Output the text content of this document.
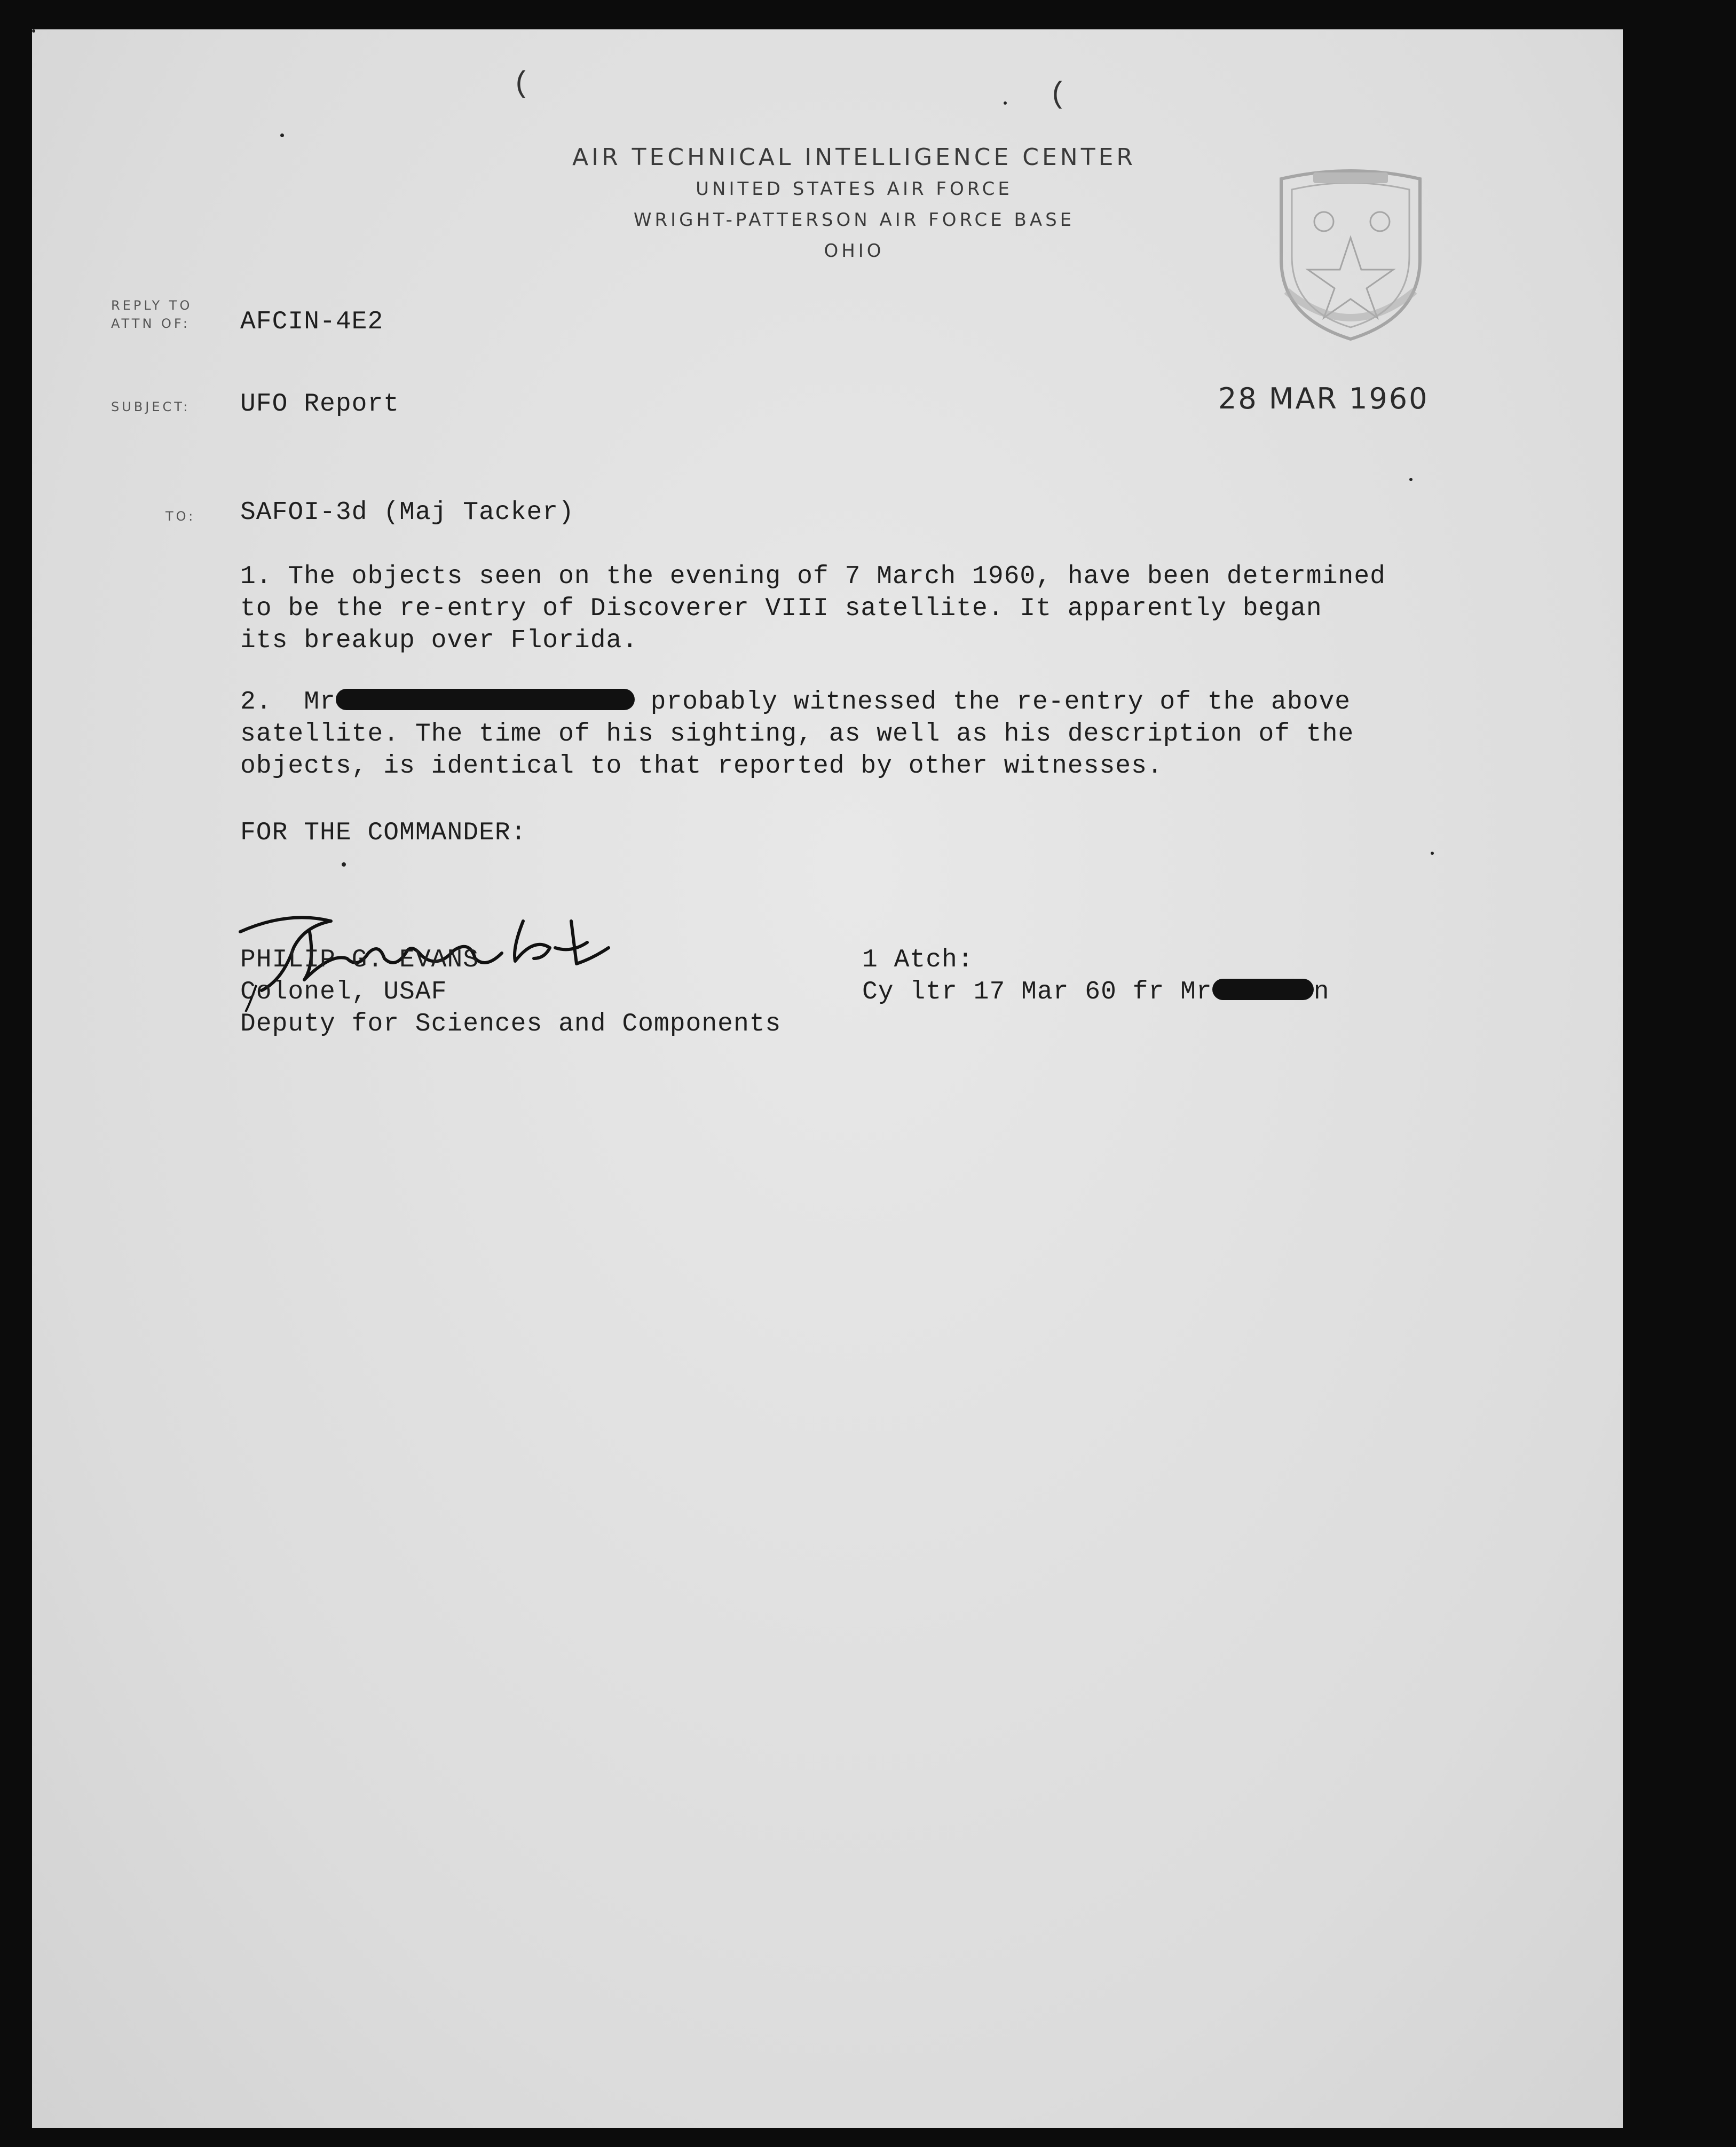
(	(
AIR TECHNICAL INTELLIGENCE CENTER
UNITED STATES AIR FORCE
WRIGHT-PATTERSON AIR FORCE BASE
OHIO
REPLY TO
ATTN OF: AFCIN-4E2
SUBJECT: UFO Report	28 MAR 1960
TO: SAFOI-3d (Maj Tacker)

1. The objects seen on the evening of 7 March 1960, have been determined

to be the re-entry of Discoverer VIII satellite. It apparently began

its breakup over Florida.

2. Mr	probably witnessed the re-entry of the above

satellite. The time of his sighting, as well as his description of the

objects, is identical to that reported by other witnesses.

FOR THE COMMANDER:

PHILIP G. EVANS

Colonel, USAF

Deputy for Sciences and Components

1 Atch:

Cy ltr 17 Mar 60 fr Mr	n
